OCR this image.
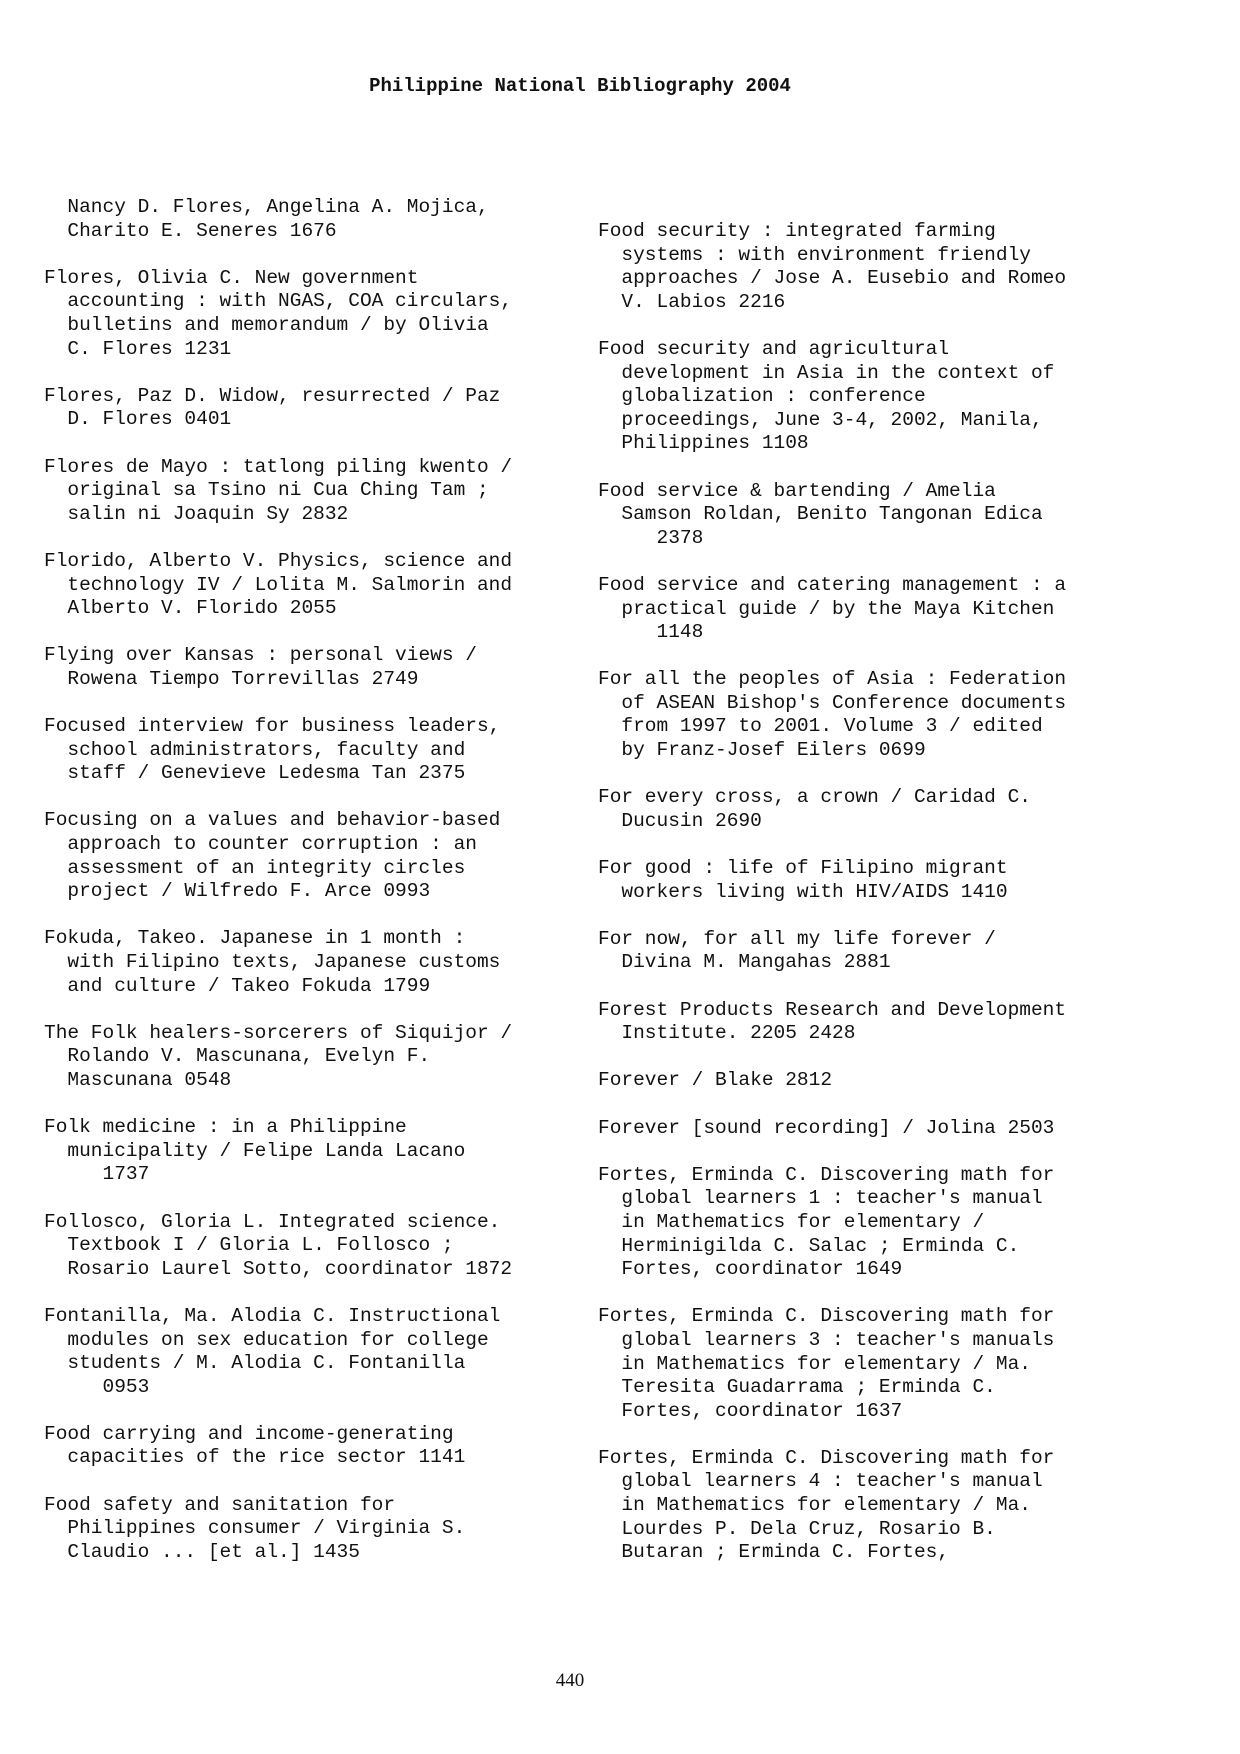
Philippine National Bibliography 2004
Nancy D. Flores, Angelina A. Mojica,
Charito E. Seneres 1676
Flores, Olivia C. New government
accounting : with NGAS, COA circulars,
bulletins and memorandum / by Olivia
C. Flores 1231
Flores, Paz D. Widow, resurrected / Paz
D. Flores 0401
Flores de Mayo : tatlong piling kwento /
original sa Tsino ni Cua Ching Tam ;
salin ni Joaquin Sy 2832
Florido, Alberto V. Physics, science and
technology IV / Lolita M. Salmorin and
Alberto V. Florido 2055
Flying over Kansas : personal views /
Rowena Tiempo Torrevillas 2749
Focused interview for business leaders,
school administrators, faculty and
staff / Genevieve Ledesma Tan 2375
Focusing on a values and behavior-based
approach to counter corruption : an
assessment of an integrity circles
project / Wilfredo F. Arce 0993
Fokuda, Takeo. Japanese in 1 month :
with Filipino texts, Japanese customs
and culture / Takeo Fokuda 1799
The Folk healers-sorcerers of Siquijor /
Rolando V. Mascunana, Evelyn F.
Mascunana 0548
Folk medicine : in a Philippine
municipality / Felipe Landa Lacano
1737
Follosco, Gloria L. Integrated science.
Textbook I / Gloria L. Follosco ;
Rosario Laurel Sotto, coordinator 1872
Fontanilla, Ma. Alodia C. Instructional
modules on sex education for college
students / M. Alodia C. Fontanilla
0953
Food carrying and income-generating
capacities of the rice sector 1141
Food safety and sanitation for
Philippines consumer / Virginia S.
Claudio ... [et al.] 1435
Food security : integrated farming
systems : with environment friendly
approaches / Jose A. Eusebio and Romeo
V. Labios 2216
Food security and agricultural
development in Asia in the context of
globalization : conference
proceedings, June 3-4, 2002, Manila,
Philippines 1108
Food service & bartending / Amelia
Samson Roldan, Benito Tangonan Edica
2378
Food service and catering management : a
practical guide / by the Maya Kitchen
1148
For all the peoples of Asia : Federation
of ASEAN Bishop's Conference documents
from 1997 to 2001. Volume 3 / edited
by Franz-Josef Eilers 0699
For every cross, a crown / Caridad C.
Ducusin 2690
For good : life of Filipino migrant
workers living with HIV/AIDS 1410
For now, for all my life forever /
Divina M. Mangahas 2881
Forest Products Research and Development
Institute. 2205 2428
Forever / Blake 2812
Forever [sound recording] / Jolina 2503
Fortes, Erminda C. Discovering math for
global learners 1 : teacher's manual
in Mathematics for elementary /
Herminigilda C. Salac ; Erminda C.
Fortes, coordinator 1649
Fortes, Erminda C. Discovering math for
global learners 3 : teacher's manuals
in Mathematics for elementary / Ma.
Teresita Guadarrama ; Erminda C.
Fortes, coordinator 1637
Fortes, Erminda C. Discovering math for
global learners 4 : teacher's manual
in Mathematics for elementary / Ma.
Lourdes P. Dela Cruz, Rosario B.
Butaran ; Erminda C. Fortes,
440
